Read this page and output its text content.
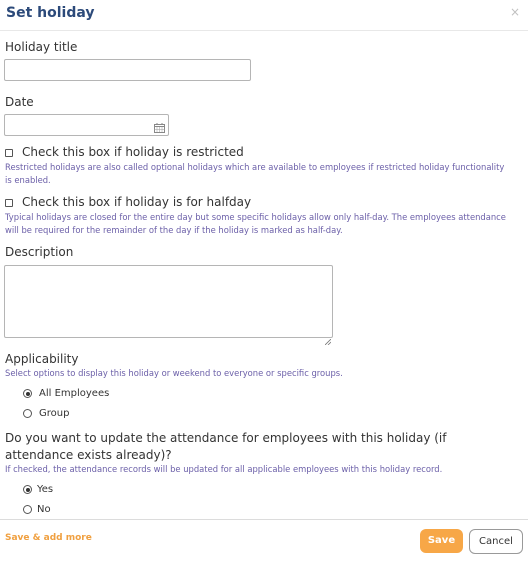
Set holiday	×
Holiday title
Date
Check this box if holiday is restricted
Restricted holidays are also called optional holidays which are available to employees if restricted holiday functionality is enabled.
Check this box if holiday is for halfday
Typical holidays are closed for the entire day but some specific holidays allow only half-day. The employees attendance will be required for the remainder of the day if the holiday is marked as half-day.
Description
Applicability
Select options to display this holiday or weekend to everyone or specific groups.
All Employees
Group
Do you want to update the attendance for employees with this holiday (if attendance exists already)?
If checked, the attendance records will be updated for all applicable employees with this holiday record.
Yes
No
Save & add more	Save	Cancel
